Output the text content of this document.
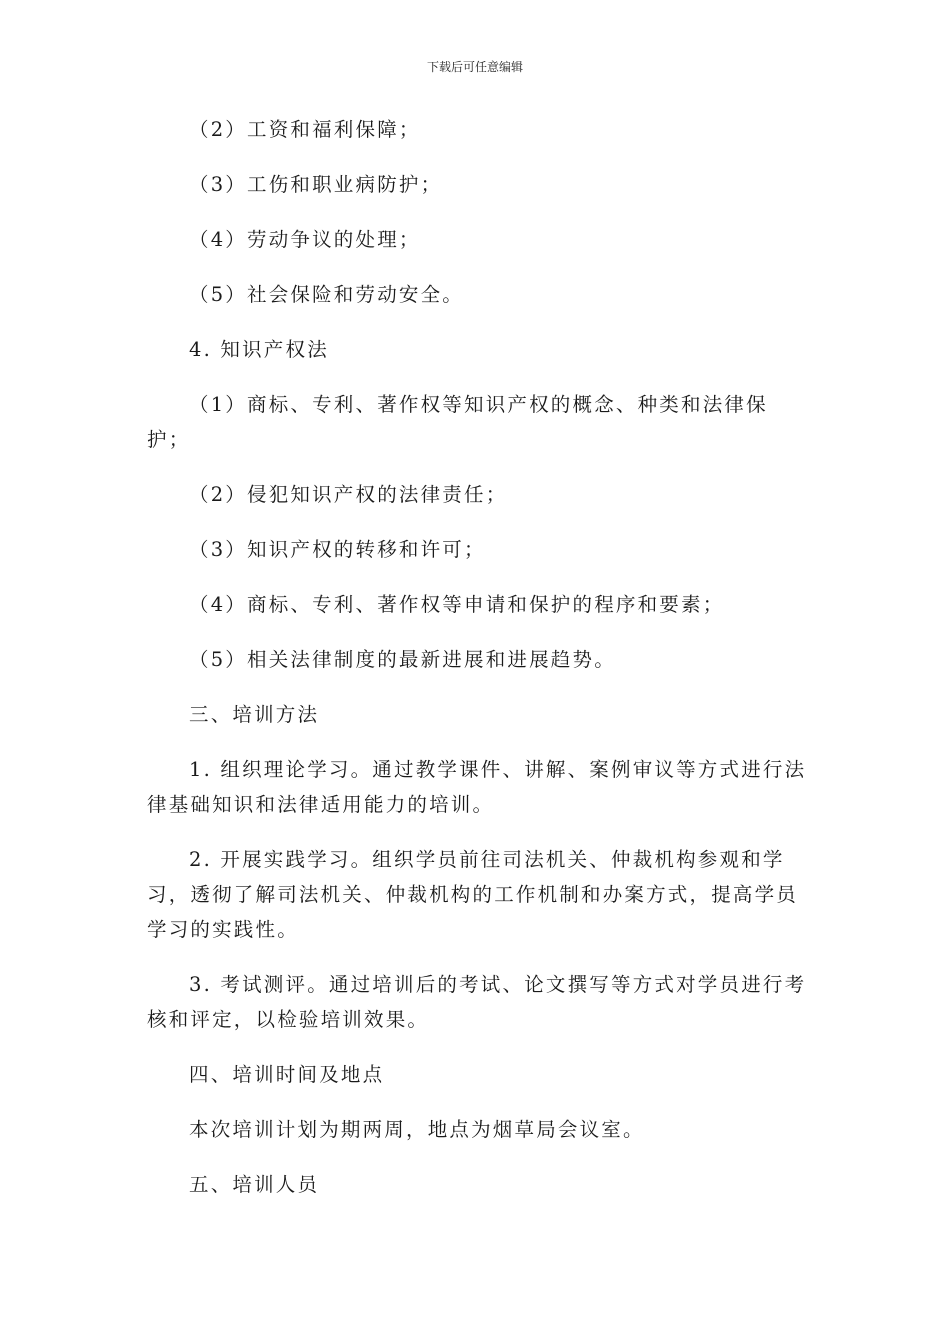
下载后可任意编辑

（2）工资和福利保障；

（3）工伤和职业病防护；

（4）劳动争议的处理；

（5）社会保险和劳动安全。

4. 知识产权法

（1）商标、专利、著作权等知识产权的概念、种类和法律保护；

（2）侵犯知识产权的法律责任；

（3）知识产权的转移和许可；

（4）商标、专利、著作权等申请和保护的程序和要素；

（5）相关法律制度的最新进展和进展趋势。

三、培训方法

1. 组织理论学习。通过教学课件、讲解、案例审议等方式进行法律基础知识和法律适用能力的培训。

2. 开展实践学习。组织学员前往司法机关、仲裁机构参观和学习，透彻了解司法机关、仲裁机构的工作机制和办案方式，提高学员学习的实践性。

3. 考试测评。通过培训后的考试、论文撰写等方式对学员进行考核和评定，以检验培训效果。

四、培训时间及地点

本次培训计划为期两周，地点为烟草局会议室。

五、培训人员
